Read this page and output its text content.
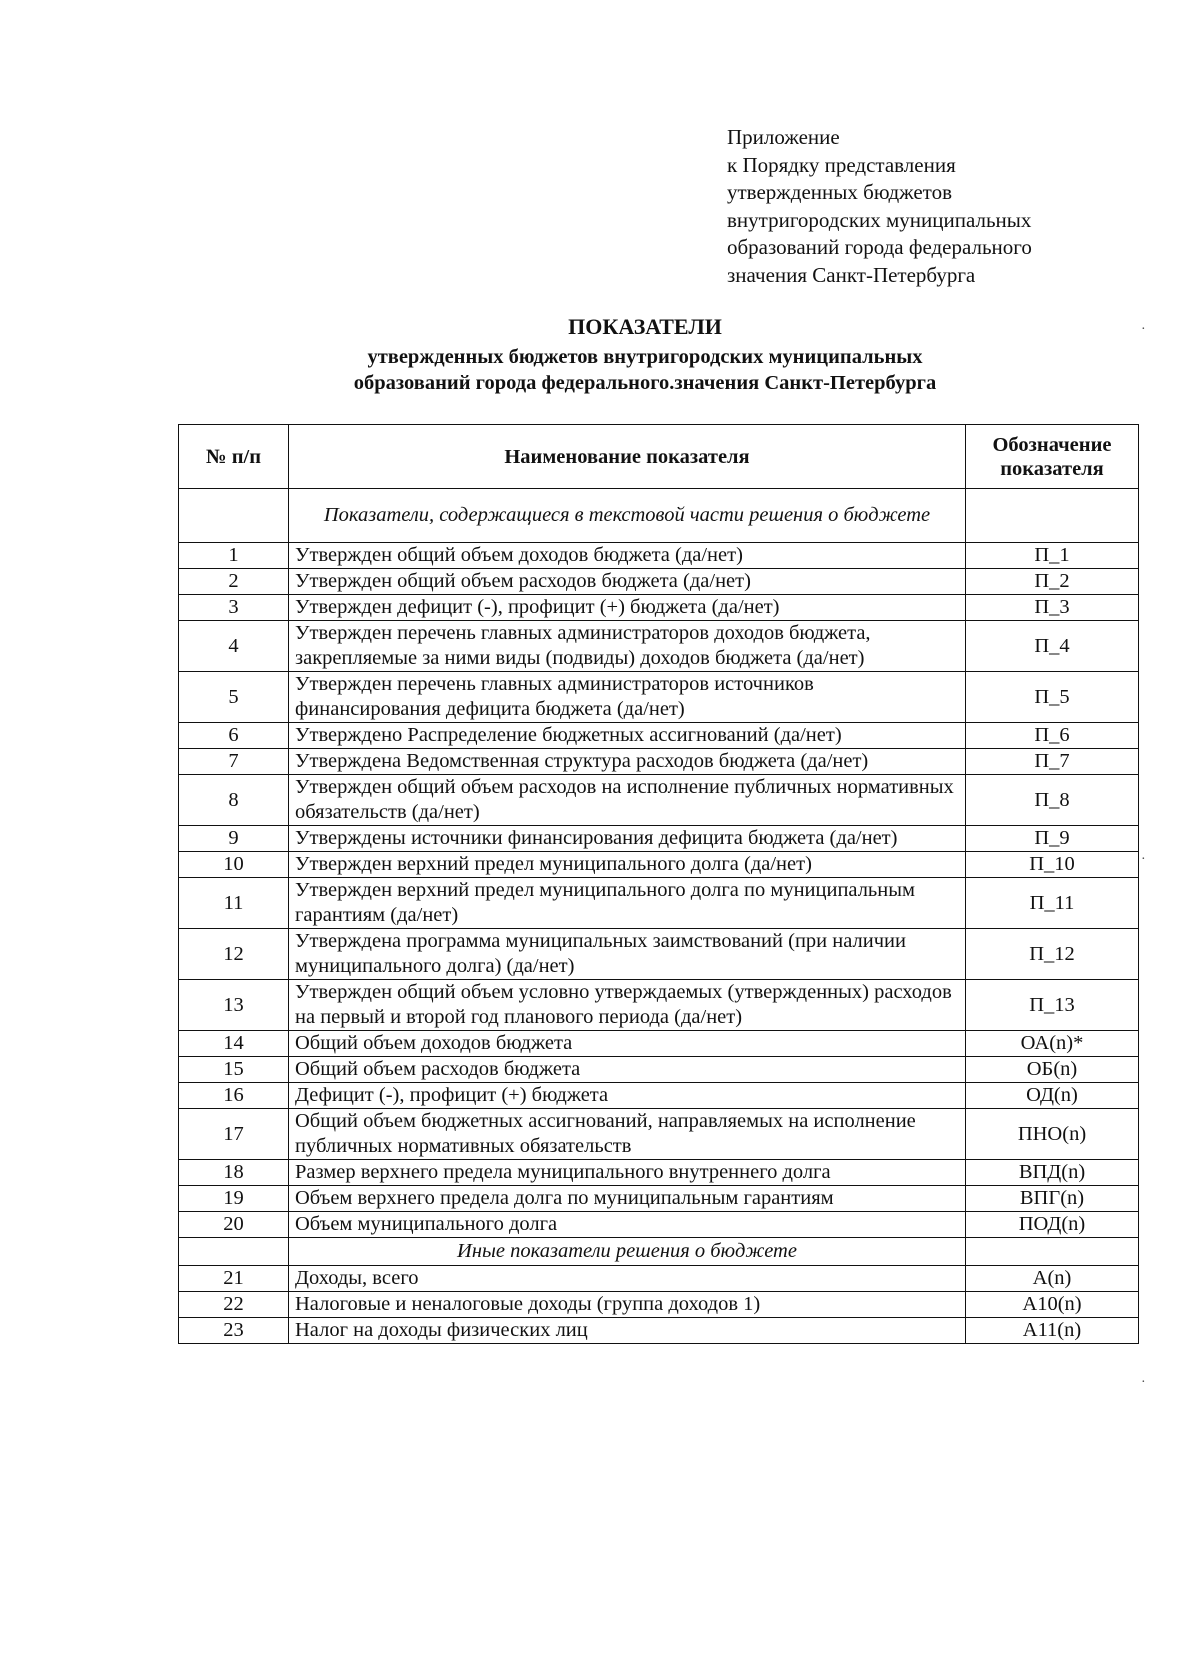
Приложение
к Порядку представления
утвержденных бюджетов
внутригородских муниципальных
образований города федерального
значения Санкт-Петербурга
ПОКАЗАТЕЛИ
утвержденных бюджетов внутригородских муниципальных
образований города федерального.значения Санкт-Петербурга
·
·
·
№ п/п	Наименование показателя	Обозначение показателя
	Показатели, содержащиеся в текстовой части решения о бюджете	
1	Утвержден общий объем доходов бюджета (да/нет)	П_1
2	Утвержден общий объем расходов бюджета (да/нет)	П_2
3	Утвержден дефицит (-), профицит (+) бюджета (да/нет)	П_3
4	Утвержден перечень главных администраторов доходов бюджета, закрепляемые за ними виды (подвиды) доходов бюджета (да/нет)	П_4
5	Утвержден перечень главных администраторов источников финансирования дефицита бюджета (да/нет)	П_5
6	Утверждено Распределение бюджетных ассигнований (да/нет)	П_6
7	Утверждена Ведомственная структура расходов бюджета (да/нет)	П_7
8	Утвержден общий объем расходов на исполнение публичных нормативных обязательств (да/нет)	П_8
9	Утверждены источники финансирования дефицита бюджета (да/нет)	П_9
10	Утвержден верхний предел муниципального долга (да/нет)	П_10
11	Утвержден верхний предел муниципального долга по муниципальным гарантиям (да/нет)	П_11
12	Утверждена программа муниципальных заимствований (при наличии муниципального долга) (да/нет)	П_12
13	Утвержден общий объем условно утверждаемых (утвержденных) расходов на первый и второй год планового периода (да/нет)	П_13
14	Общий объем доходов бюджета	ОА(n)*
15	Общий объем расходов бюджета	ОБ(n)
16	Дефицит (-), профицит (+) бюджета	ОД(n)
17	Общий объем бюджетных ассигнований, направляемых на исполнение публичных нормативных обязательств	ПНО(n)
18	Размер верхнего предела муниципального внутреннего долга	ВПД(n)
19	Объем верхнего предела долга по муниципальным гарантиям	ВПГ(n)
20	Объем муниципального долга	ПОД(n)
	Иные показатели решения о бюджете	
21	Доходы, всего	А(n)
22	Налоговые и неналоговые доходы (группа доходов 1)	А10(n)
23	Налог на доходы физических лиц	А11(n)
